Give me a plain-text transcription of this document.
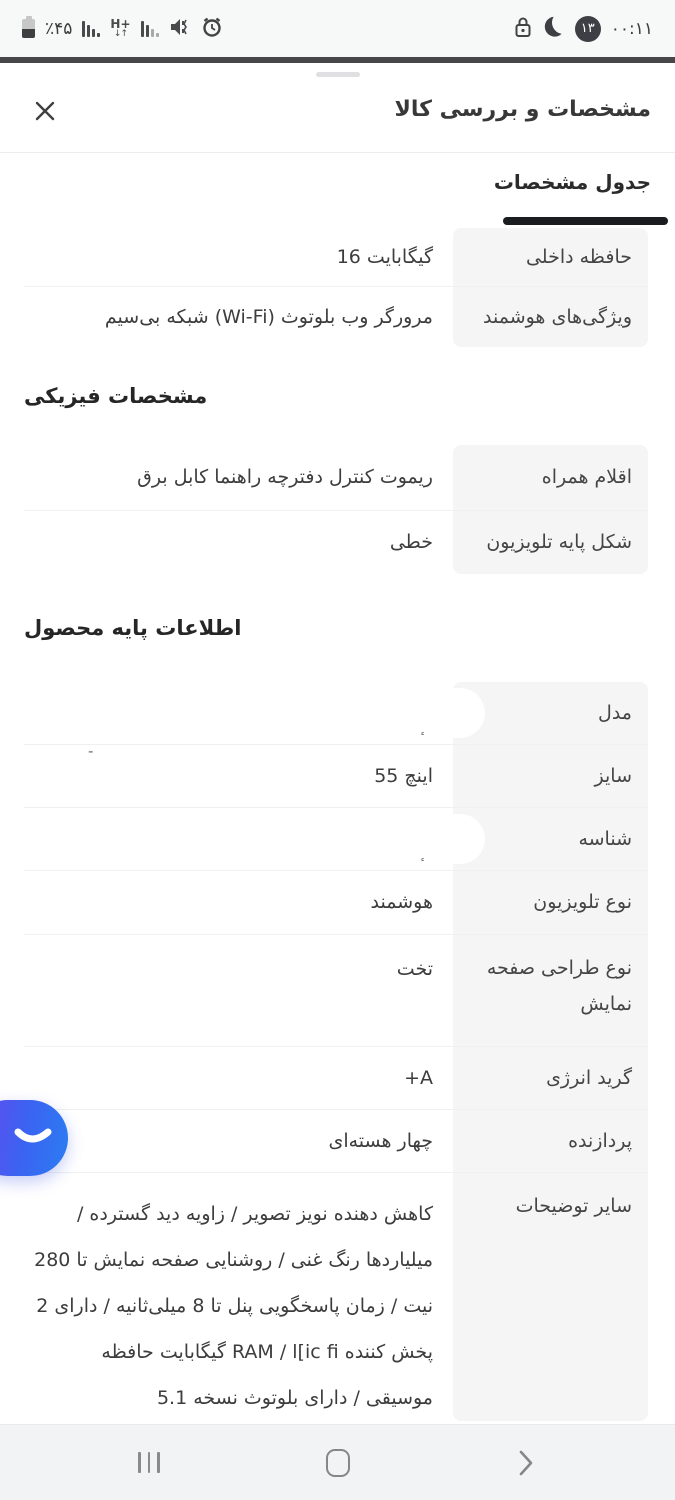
٪۴۵	H+
↓↑	۱۳ ۰۰:۱۱
مشخصات و بررسی کالا
جدول مشخصات
حافظه داخلی
16 گیگابایت
ویژگی‌های هوشمند
شبکه بی‌سیم (Wi-Fi) مرورگر وب بلوتوث
مشخصات فیزیکی
اقلام همراه
ریموت کنترل دفترچه راهنما کابل برق
شکل پایه تلویزیون
خطی
اطلاعات پایه محصول
مدل
-
سایز
55 اینچ
شناسه
نوع تلویزیون
هوشمند
نوع طراحی صفحه نمایش
تخت
گرید انرژی
+A
پردازنده
چهار هسته‌ای
سایر توضیحات
کاهش دهنده نویز تصویر / زاویه دید گسترده / میلیاردها رنگ غنی / روشنایی صفحه نمایش تا 280 نیت / زمان پاسخگویی پنل تا 8 میلی‌ثانیه / دارای 2 گیگابایت حافظه RAM / l[ic fi پخش کننده موسیقی / دارای بلوتوث نسخه 5.1
